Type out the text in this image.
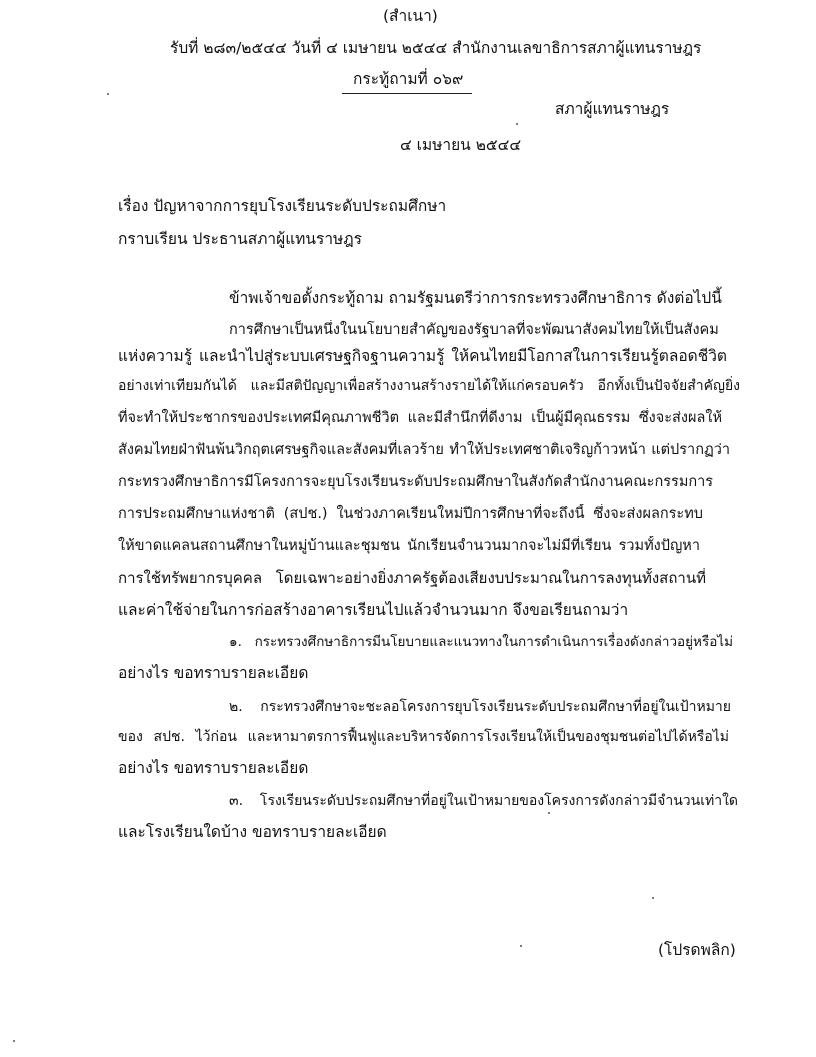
(สำเนา)
รับที่ ๒๘๓/๒๕๔๔ วันที่ ๔ เมษายน ๒๕๔๔ สำนักงานเลขาธิการสภาผู้แทนราษฎร
กระทู้ถามที่ ๐๖๙
สภาผู้แทนราษฎร
๔ เมษายน ๒๕๔๔
เรื่อง ปัญหาจากการยุบโรงเรียนระดับประถมศึกษา
กราบเรียน ประธานสภาผู้แทนราษฎร
ข้าพเจ้าขอตั้งกระทู้ถาม ถามรัฐมนตรีว่าการกระทรวงศึกษาธิการ ดังต่อไปนี้
การศึกษาเป็นหนึ่งในนโยบายสำคัญของรัฐบาลที่จะพัฒนาสังคมไทยให้เป็นสังคม
แห่งความรู้ และนำไปสู่ระบบเศรษฐกิจฐานความรู้ ให้คนไทยมีโอกาสในการเรียนรู้ตลอดชีวิต
อย่างเท่าเทียมกันได้ และมีสติปัญญาเพื่อสร้างงานสร้างรายได้ให้แก่ครอบครัว อีกทั้งเป็นปัจจัยสำคัญยิ่ง
ที่จะทำให้ประชากรของประเทศมีคุณภาพชีวิต และมีสำนึกที่ดีงาม เป็นผู้มีคุณธรรม ซึ่งจะส่งผลให้
สังคมไทยฝ่าฟันพ้นวิกฤตเศรษฐกิจและสังคมที่เลวร้าย ทำให้ประเทศชาติเจริญก้าวหน้า แต่ปรากฏว่า
กระทรวงศึกษาธิการมีโครงการจะยุบโรงเรียนระดับประถมศึกษาในสังกัดสำนักงานคณะกรรมการ
การประถมศึกษาแห่งชาติ (สปช.) ในช่วงภาคเรียนใหม่ปีการศึกษาที่จะถึงนี้ ซึ่งจะส่งผลกระทบ
ให้ขาดแคลนสถานศึกษาในหมู่บ้านและชุมชน นักเรียนจำนวนมากจะไม่มีที่เรียน รวมทั้งปัญหา
การใช้ทรัพยากรบุคคล โดยเฉพาะอย่างยิ่งภาครัฐต้องเสียงบประมาณในการลงทุนทั้งสถานที่
และค่าใช้จ่ายในการก่อสร้างอาคารเรียนไปแล้วจำนวนมาก จึงขอเรียนถามว่า
๑. กระทรวงศึกษาธิการมีนโยบายและแนวทางในการดำเนินการเรื่องดังกล่าวอยู่หรือไม่
อย่างไร ขอทราบรายละเอียด
๒. กระทรวงศึกษาจะชะลอโครงการยุบโรงเรียนระดับประถมศึกษาที่อยู่ในเป้าหมาย
ของ สปช. ไว้ก่อน และหามาตรการฟื้นฟูและบริหารจัดการโรงเรียนให้เป็นของชุมชนต่อไปได้หรือไม่
อย่างไร ขอทราบรายละเอียด
๓. โรงเรียนระดับประถมศึกษาที่อยู่ในเป้าหมายของโครงการดังกล่าวมีจำนวนเท่าใด
และโรงเรียนใดบ้าง ขอทราบรายละเอียด
(โปรดพลิก)
